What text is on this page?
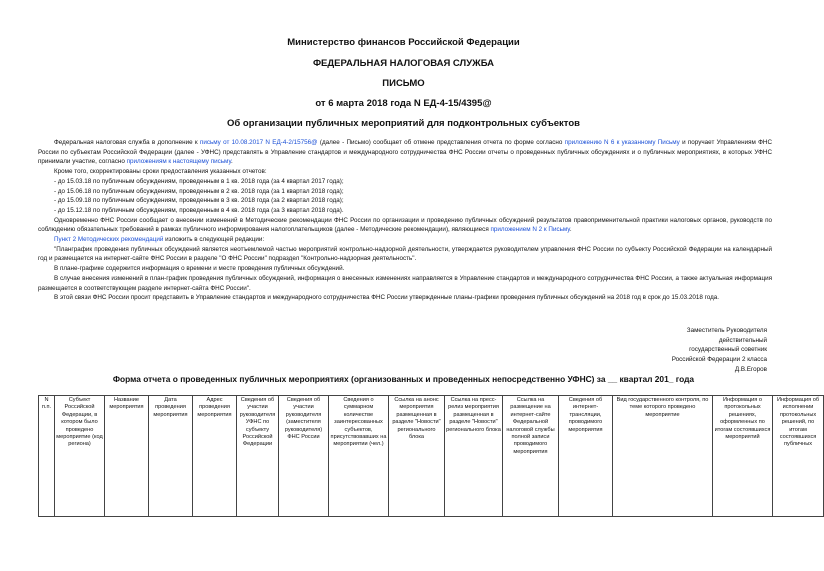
Министерство финансов Российской Федерации
ФЕДЕРАЛЬНАЯ НАЛОГОВАЯ СЛУЖБА
ПИСЬМО
от 6 марта 2018 года N ЕД-4-15/4395@
Об организации публичных мероприятий для подконтрольных субъектов

Федеральная налоговая служба в дополнение к письму от 10.08.2017 N ЕД-4-2/15756@ (далее - Письмо) сообщает об отмене представления отчета по форме согласно приложению N 6 к указанному Письму и поручает Управлениям ФНС России по субъектам Российской Федерации (далее - УФНС) представлять в Управление стандартов и международного сотрудничества ФНС России отчеты о проведенных публичных обсуждениях и о публичных мероприятиях, в которых УФНС принимали участие, согласно приложениям к настоящему письму.

Кроме того, скорректированы сроки предоставления указанных отчетов:

- до 15.03.18 по публичным обсуждениям, проведенным в 1 кв. 2018 года (за 4 квартал 2017 года);

- до 15.06.18 по публичным обсуждениям, проведенным в 2 кв. 2018 года (за 1 квартал 2018 года);

- до 15.09.18 по публичным обсуждениям, проведенным в 3 кв. 2018 года (за 2 квартал 2018 года);

- до 15.12.18 по публичным обсуждениям, проведенным в 4 кв. 2018 года (за 3 квартал 2018 года).

Одновременно ФНС России сообщает о внесении изменений в Методические рекомендации ФНС России по организации и проведению публичных обсуждений результатов правоприменительной практики налоговых органов, руководств по соблюдению обязательных требований в рамках публичного информирования налогоплательщиков (далее - Методические рекомендации), являющиеся приложением N 2 к Письму.

Пункт 2 Методических рекомендаций изложить в следующей редакции:

"Планграфик проведения публичных обсуждений является неотъемлемой частью мероприятий контрольно-надзорной деятельности, утверждается руководителем управления ФНС России по субъекту Российской Федерации на календарный год и размещается на интернет-сайте ФНС России в разделе "О ФНС России" подраздел "Контрольно-надзорная деятельность".

В плане-графике содержится информация о времени и месте проведения публичных обсуждений.

В случае внесения изменений в план-график проведения публичных обсуждений, информация о внесенных изменениях направляется в Управление стандартов и международного сотрудничества ФНС России, а также актуальная информация размещается в соответствующем разделе интернет-сайта ФНС России".

В этой связи ФНС России просит представить в Управление стандартов и международного сотрудничества ФНС России утвержденные планы-графики проведения публичных обсуждений на 2018 год в срок до 15.03.2018 года.

Заместитель Руководителя
действительный
государственный советник
Российской Федерации 2 класса
Д.В.Егоров
Форма отчета о проведенных публичных мероприятиях (организованных и проведенных непосредственно УФНС) за __ квартал 201_ года
N п.п.	Субъект Российской Федерации, в котором было проведено мероприятие (код региона)	Название мероприятия	Дата проведения мероприятия	Адрес проведения мероприятия	Сведения об участии руководителя УФНС по субъекту Российской Федерации	Сведения об участии руководителя (заместителя руководителя) ФНС России	Сведения о суммарном количестве заинтересованных субъектов, присутствовавших на мероприятии (чел.)	Ссылка на анонс мероприятия размещенная в разделе "Новости" регионального блока	Ссылка на пресс-релиз мероприятия размещенная в разделе "Новости" регионального блока	Ссылка на размещение на интернет-сайте Федеральной налоговой службы полной записи проводимого мероприятия	Сведения об интернет-трансляции, проводимого мероприятия	Вид государственного контроля, по теме которого проведено мероприятие	Информация о протокольных решениях, оформленных по итогам состоявшихся мероприятий	Информация об исполнении протокольных решений, по итогам состоявшихся публичных
